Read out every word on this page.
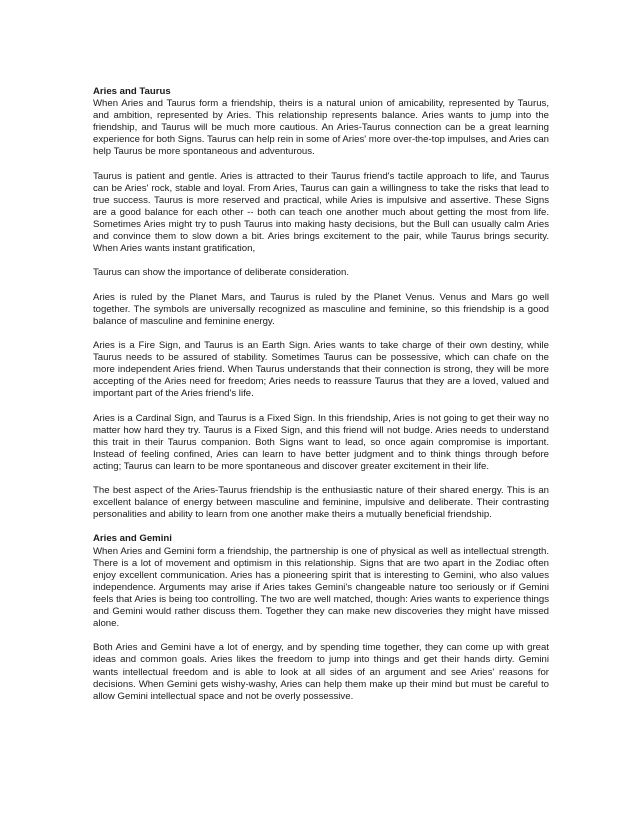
Aries and Taurus

When Aries and Taurus form a friendship, theirs is a natural union of amicability, represented by Taurus, and ambition, represented by Aries. This relationship represents balance. Aries wants to jump into the friendship, and Taurus will be much more cautious. An Aries-Taurus connection can be a great learning experience for both Signs. Taurus can help rein in some of Aries' more over-the-top impulses, and Aries can help Taurus be more spontaneous and adventurous.

Taurus is patient and gentle. Aries is attracted to their Taurus friend's tactile approach to life, and Taurus can be Aries' rock, stable and loyal. From Aries, Taurus can gain a willingness to take the risks that lead to true success. Taurus is more reserved and practical, while Aries is impulsive and assertive. These Signs are a good balance for each other -- both can teach one another much about getting the most from life. Sometimes Aries might try to push Taurus into making hasty decisions, but the Bull can usually calm Aries and convince them to slow down a bit. Aries brings excitement to the pair, while Taurus brings security. When Aries wants instant gratification,

Taurus can show the importance of deliberate consideration.

Aries is ruled by the Planet Mars, and Taurus is ruled by the Planet Venus. Venus and Mars go well together. The symbols are universally recognized as masculine and feminine, so this friendship is a good balance of masculine and feminine energy.

Aries is a Fire Sign, and Taurus is an Earth Sign. Aries wants to take charge of their own destiny, while Taurus needs to be assured of stability. Sometimes Taurus can be possessive, which can chafe on the more independent Aries friend. When Taurus understands that their connection is strong, they will be more accepting of the Aries need for freedom; Aries needs to reassure Taurus that they are a loved, valued and important part of the Aries friend's life.

Aries is a Cardinal Sign, and Taurus is a Fixed Sign. In this friendship, Aries is not going to get their way no matter how hard they try. Taurus is a Fixed Sign, and this friend will not budge. Aries needs to understand this trait in their Taurus companion. Both Signs want to lead, so once again compromise is important. Instead of feeling confined, Aries can learn to have better judgment and to think things through before acting; Taurus can learn to be more spontaneous and discover greater excitement in their life.

The best aspect of the Aries-Taurus friendship is the enthusiastic nature of their shared energy. This is an excellent balance of energy between masculine and feminine, impulsive and deliberate. Their contrasting personalities and ability to learn from one another make theirs a mutually beneficial friendship.

Aries and Gemini

When Aries and Gemini form a friendship, the partnership is one of physical as well as intellectual strength. There is a lot of movement and optimism in this relationship. Signs that are two apart in the Zodiac often enjoy excellent communication. Aries has a pioneering spirit that is interesting to Gemini, who also values independence. Arguments may arise if Aries takes Gemini's changeable nature too seriously or if Gemini feels that Aries is being too controlling. The two are well matched, though: Aries wants to experience things and Gemini would rather discuss them. Together they can make new discoveries they might have missed alone.

Both Aries and Gemini have a lot of energy, and by spending time together, they can come up with great ideas and common goals. Aries likes the freedom to jump into things and get their hands dirty. Gemini wants intellectual freedom and is able to look at all sides of an argument and see Aries' reasons for decisions. When Gemini gets wishy-washy, Aries can help them make up their mind but must be careful to allow Gemini intellectual space and not be overly possessive.
